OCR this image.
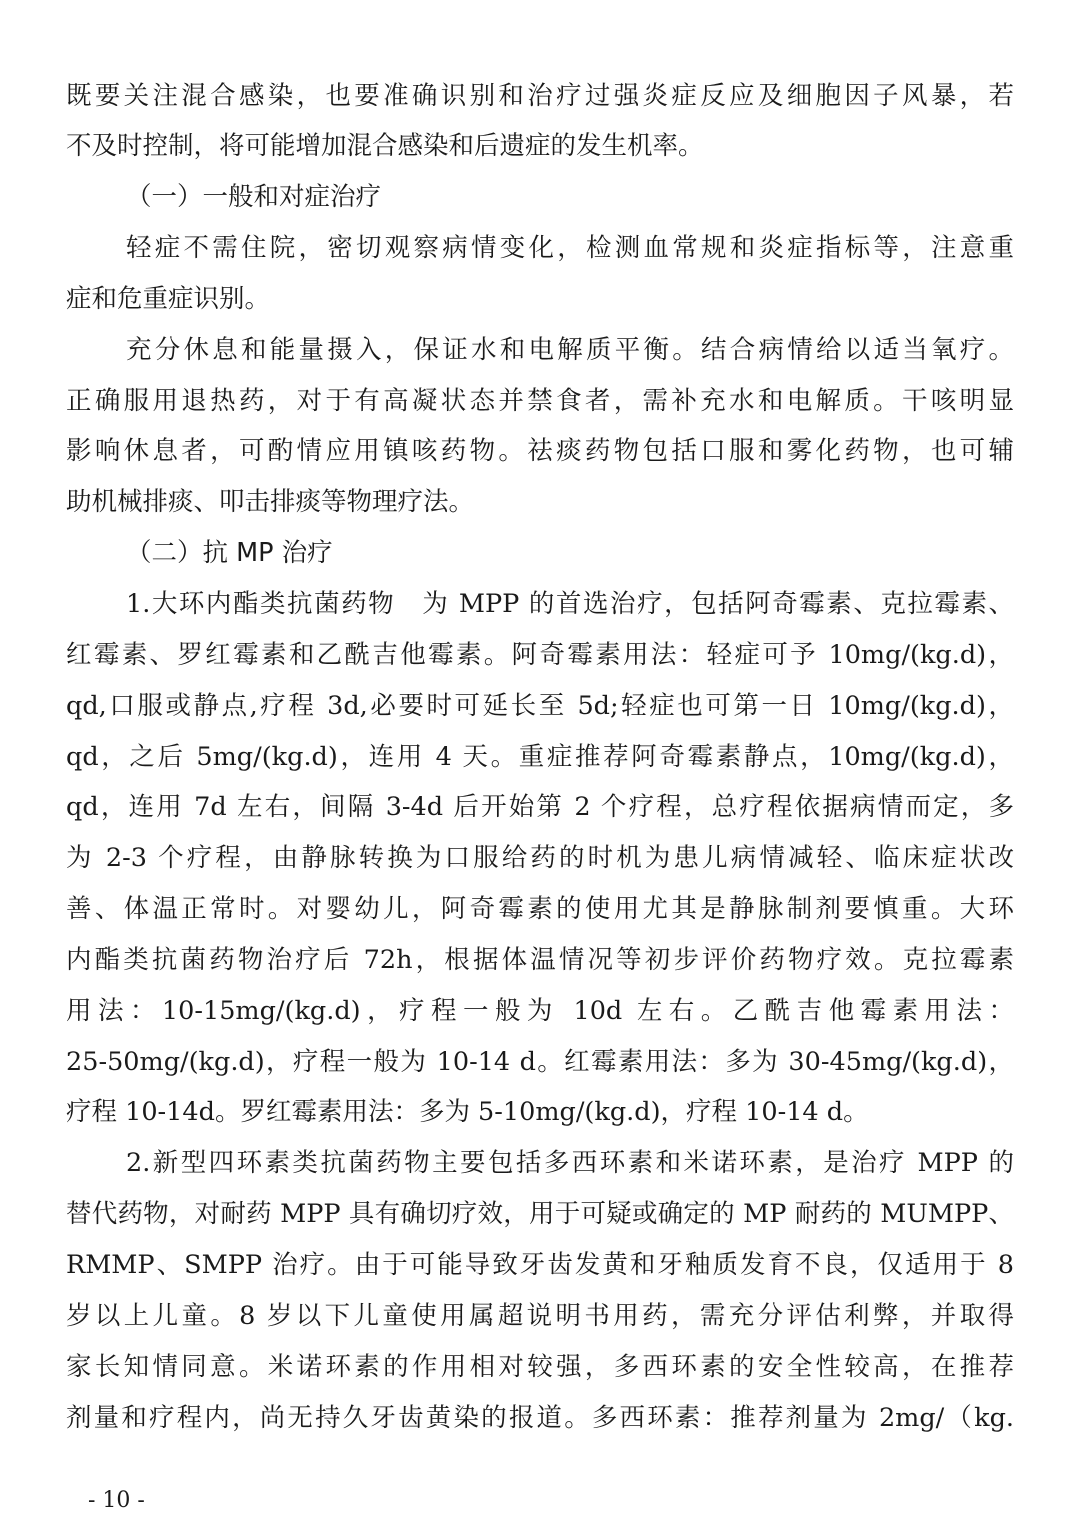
既要关注混合感染，也要准确识别和治疗过强炎症反应及细胞因子风暴，若
不及时控制，将可能增加混合感染和后遗症的发生机率。
（一）一般和对症治疗
轻症不需住院，密切观察病情变化，检测血常规和炎症指标等，注意重
症和危重症识别。
充分休息和能量摄入，保证水和电解质平衡。结合病情给以适当氧疗。
正确服用退热药，对于有高凝状态并禁食者，需补充水和电解质。干咳明显
影响休息者，可酌情应用镇咳药物。祛痰药物包括口服和雾化药物，也可辅
助机械排痰、叩击排痰等物理疗法。
（二）抗 MP 治疗
1.大环内酯类抗菌药物　为 MPP 的首选治疗，包括阿奇霉素、克拉霉素、
红霉素、罗红霉素和乙酰吉他霉素。阿奇霉素用法：轻症可予 10mg/(kg.d)，
qd,口服或静点,疗程 3d,必要时可延长至 5d;轻症也可第一日 10mg/(kg.d)，
qd，之后 5mg/(kg.d)，连用 4 天。重症推荐阿奇霉素静点，10mg/(kg.d)，
qd，连用 7d 左右，间隔 3-4d 后开始第 2 个疗程，总疗程依据病情而定，多
为 2-3 个疗程，由静脉转换为口服给药的时机为患儿病情减轻、临床症状改
善、体温正常时。对婴幼儿，阿奇霉素的使用尤其是静脉制剂要慎重。大环
内酯类抗菌药物治疗后 72h，根据体温情况等初步评价药物疗效。克拉霉素
用法：10-15mg/(kg.d)，疗程一般为 10d 左右。乙酰吉他霉素用法：
25-50mg/(kg.d)，疗程一般为 10-14 d。红霉素用法：多为 30-45mg/(kg.d)，
疗程 10-14d。罗红霉素用法：多为 5-10mg/(kg.d)，疗程 10-14 d。
2.新型四环素类抗菌药物主要包括多西环素和米诺环素，是治疗 MPP 的
替代药物，对耐药 MPP 具有确切疗效，用于可疑或确定的 MP 耐药的 MUMPP、
RMMP、SMPP 治疗。由于可能导致牙齿发黄和牙釉质发育不良，仅适用于 8
岁以上儿童。8 岁以下儿童使用属超说明书用药，需充分评估利弊，并取得
家长知情同意。米诺环素的作用相对较强，多西环素的安全性较高，在推荐
剂量和疗程内，尚无持久牙齿黄染的报道。多西环素：推荐剂量为 2mg/（kg.
- 10 -
